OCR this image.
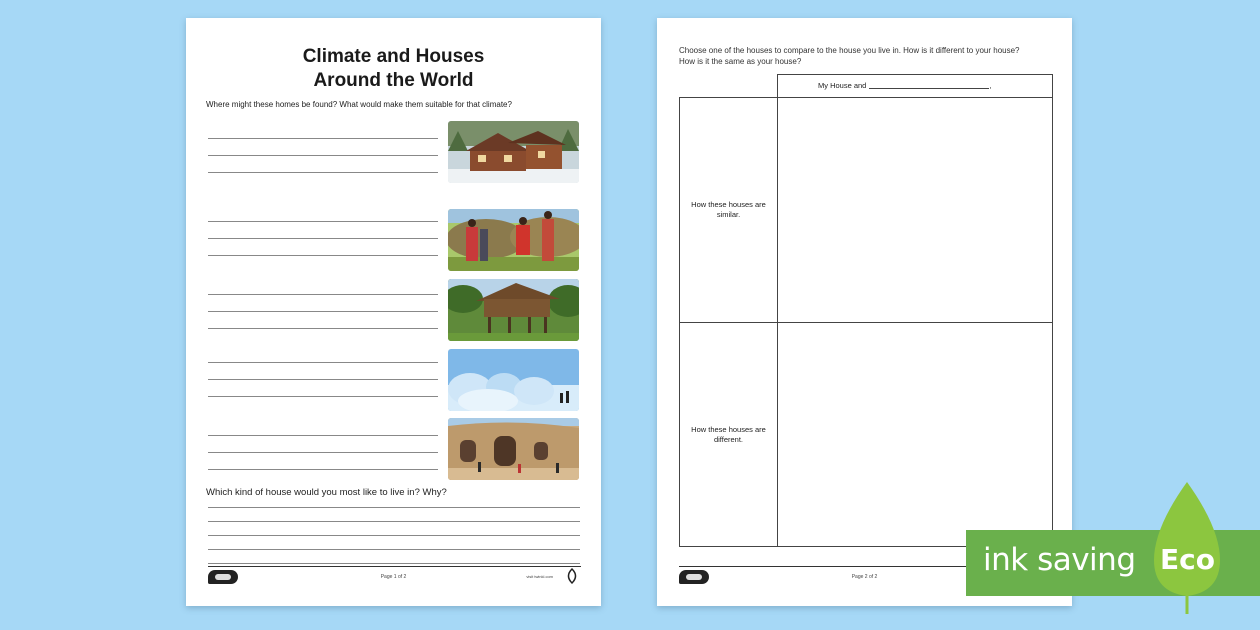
Climate and Houses
Around the World
Where might these homes be found? What would make them suitable for that climate?
Which kind of house would you most like to live in? Why?
Page 1 of 2	visit twinkl.com
Choose one of the houses to compare to the house you live in. How is it different to your house?
How is it the same as your house?
My House and	,
How these houses are similar.
How these houses are different.
Page 2 of 2	ink saving Eco
